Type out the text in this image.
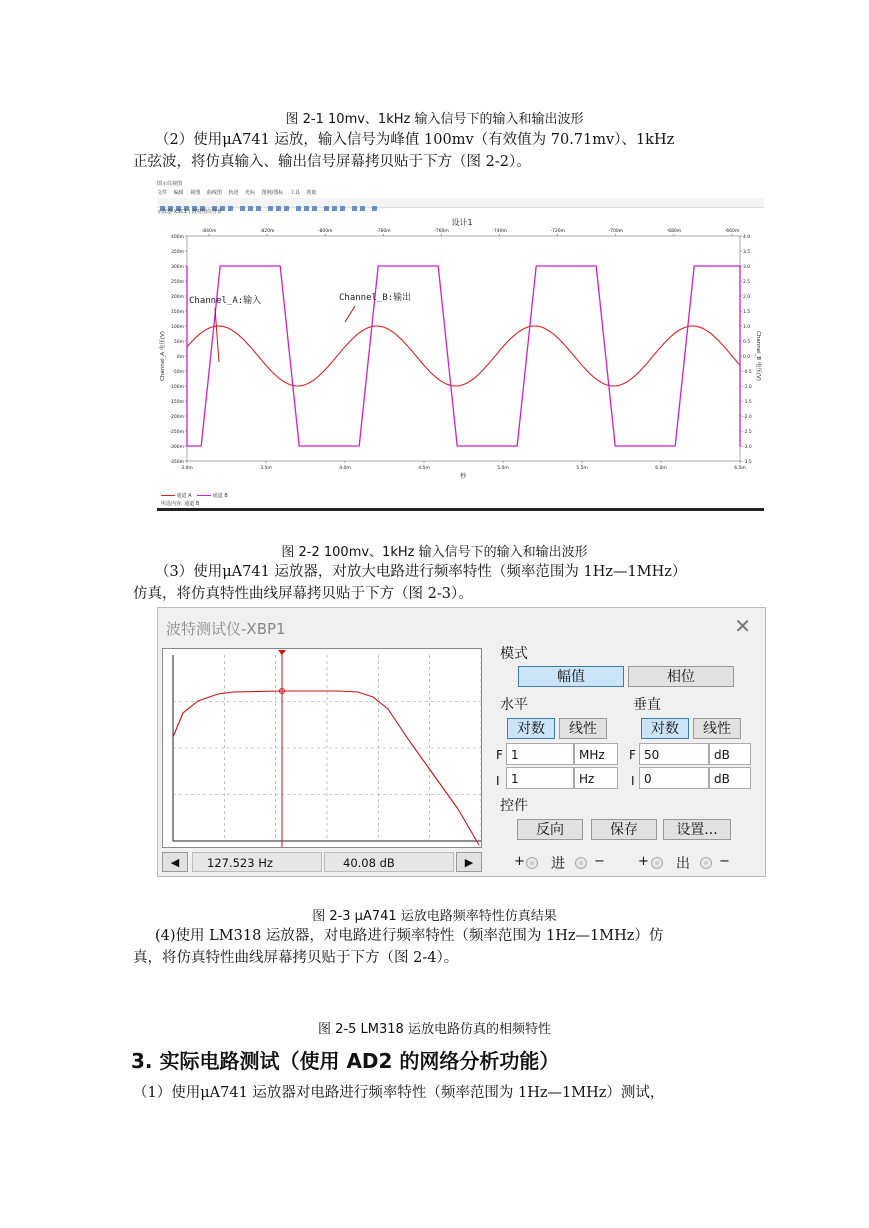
图 2-1 10mv、1kHz 输入信号下的输入和输出波形
（2）使用μA741 运放，输入信号为峰值 100mv（有效值为 70.71mv）、1kHz
正弦波，将仿真输入、输出信号屏幕拷贝贴于下方（图 2-2）。
图示仪视图
文件 编辑 视图 曲线图 轨迹 光标 图例/图标 工具 帮助
示波器-XSC1 | 波特图仪分析
设计1
400m
350m
300m
250m
200m
150m
100m
50m
0m
-50m
-100m
-150m
-200m
-250m
-300m
-350m
4.0
3.5
3.0
2.5
2.0
1.5
1.0
0.5
0.0
-0.5
-1.0
-1.5
-2.0
-2.5
-3.0
-3.5
3.0m	3.5m	4.0m	4.5m	5.0m	5.5m	6.0m	6.5m
-840m	-820m	-800m	-780m	-760m	-740m	-720m	-700m	-680m	-660m
Channel_A 电压(V)	Channel_B 电压(V)
秒
Channel_A:输入	Channel_B:输出
通道 A	通道 B
所选内容: 通道 B
图 2-2 100mv、1kHz 输入信号下的输入和输出波形
（3）使用μA741 运放器，对放大电路进行频率特性（频率范围为 1Hz—1MHz）
仿真，将仿真特性曲线屏幕拷贝贴于下方（图 2-3）。
波特测试仪-XBP1	✕
◀	127.523 Hz	40.08 dB	▶
模式
幅值	相位
水平
对数	线性
F 1	MHz
I 1	Hz
垂直
对数	线性
F 50	dB
I 0	dB
控件
反向	保存	设置...
+ 进 −	+ 出 −
图 2-3 μA741 运放电路频率特性仿真结果
(4)使用 LM318 运放器，对电路进行频率特性（频率范围为 1Hz—1MHz）仿
真，将仿真特性曲线屏幕拷贝贴于下方（图 2-4）。
图 2-5 LM318 运放电路仿真的相频特性
3. 实际电路测试（使用 AD2 的网络分析功能）
（1）使用μA741 运放器对电路进行频率特性（频率范围为 1Hz—1MHz）测试，
